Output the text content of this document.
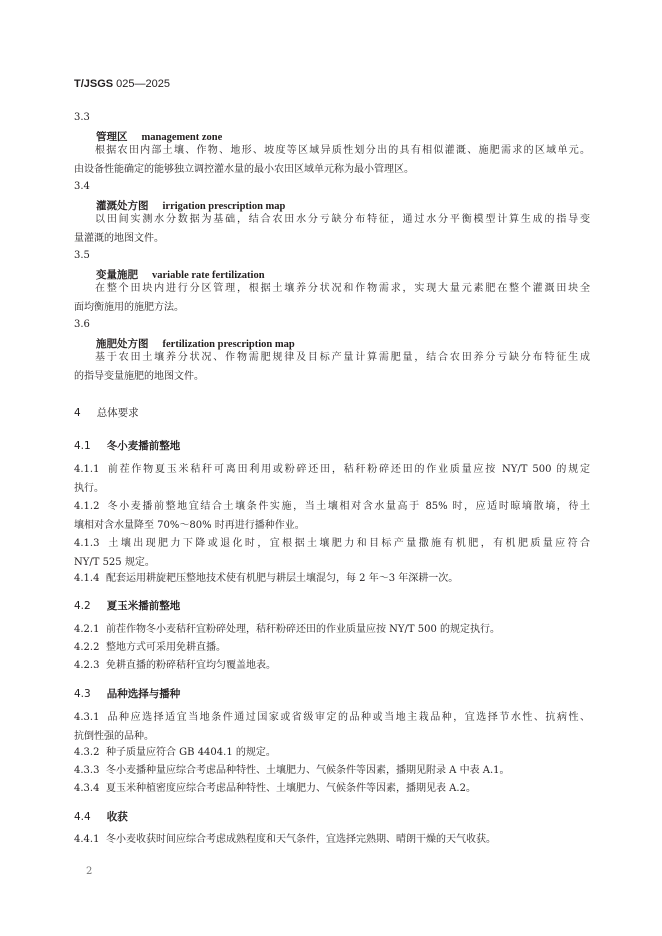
T/JSGS 025—2025
3.3
管理区 management zone
根据农田内部土壤、作物、地形、坡度等区域异质性划分出的具有相似灌溉、施肥需求的区域单元。
由设备性能确定的能够独立调控灌水量的最小农田区域单元称为最小管理区。
3.4
灌溉处方图 irrigation prescription map
以田间实测水分数据为基础，结合农田水分亏缺分布特征，通过水分平衡模型计算生成的指导变
量灌溉的地图文件。
3.5
变量施肥 variable rate fertilization
在整个田块内进行分区管理，根据土壤养分状况和作物需求，实现大量元素肥在整个灌溉田块全
面均衡施用的施肥方法。
3.6
施肥处方图 fertilization prescription map
基于农田土壤养分状况、作物需肥规律及目标产量计算需肥量，结合农田养分亏缺分布特征生成
的指导变量施肥的地图文件。
4 总体要求
4.1 冬小麦播前整地
4.1.1 前茬作物夏玉米秸秆可离田利用或粉碎还田，秸秆粉碎还田的作业质量应按 NY/T 500 的规定
执行。
4.1.2 冬小麦播前整地宜结合土壤条件实施，当土壤相对含水量高于 85% 时，应适时晾墒散墒，待土
壤相对含水量降至 70%～80% 时再进行播种作业。
4.1.3 土壤出现肥力下降或退化时，宜根据土壤肥力和目标产量撒施有机肥，有机肥质量应符合
NY/T 525 规定。
4.1.4 配套运用耕旋耙压整地技术使有机肥与耕层土壤混匀，每 2 年～3 年深耕一次。
4.2 夏玉米播前整地
4.2.1 前茬作物冬小麦秸秆宜粉碎处理，秸秆粉碎还田的作业质量应按 NY/T 500 的规定执行。
4.2.2 整地方式可采用免耕直播。
4.2.3 免耕直播的粉碎秸秆宜均匀覆盖地表。
4.3 品种选择与播种
4.3.1 品种应选择适宜当地条件通过国家或省级审定的品种或当地主栽品种，宜选择节水性、抗病性、
抗倒性强的品种。
4.3.2 种子质量应符合 GB 4404.1 的规定。
4.3.3 冬小麦播种量应综合考虑品种特性、土壤肥力、气候条件等因素，播期见附录 A 中表 A.1。
4.3.4 夏玉米种植密度应综合考虑品种特性、土壤肥力、气候条件等因素，播期见表 A.2。
4.4 收获
4.4.1 冬小麦收获时间应综合考虑成熟程度和天气条件，宜选择完熟期、晴朗干燥的天气收获。
2
